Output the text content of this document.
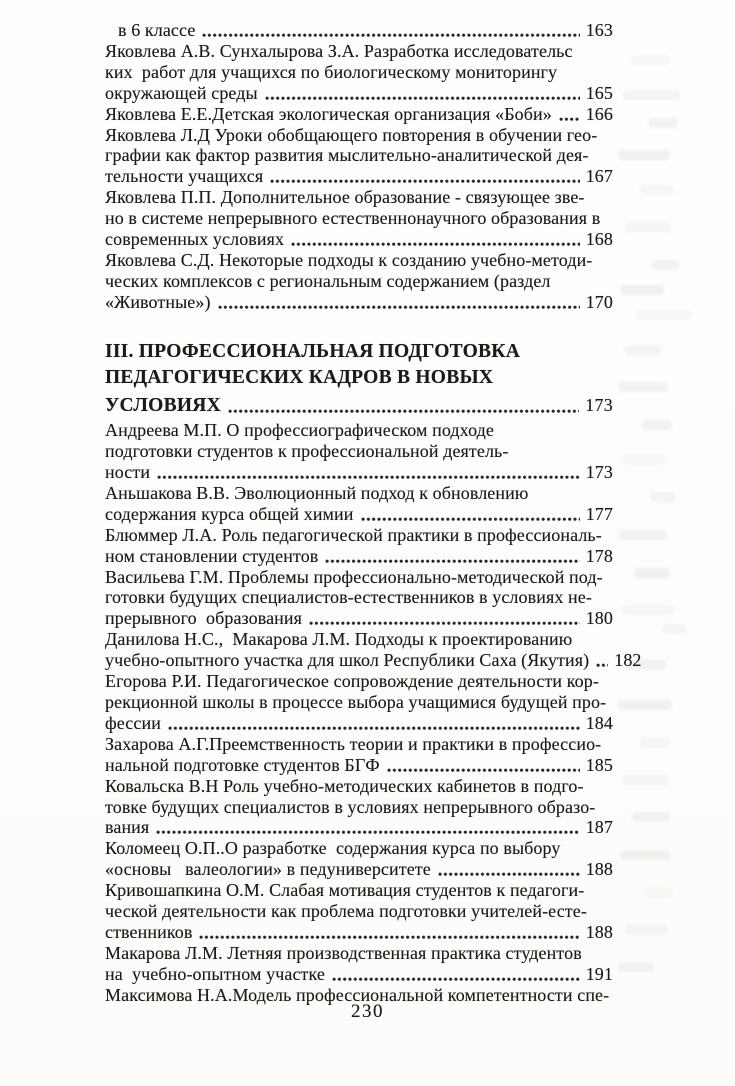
в 6 классе	163
Яковлева А.В. Сунхалырова З.А. Разработка исследовательс
ких  работ для учащихся по биологическому мониторингу
окружающей среды	165
Яковлева Е.Е.Детская экологическая организация «Боби» 166
Яковлева Л.Д Уроки обобщающего повторения в обучении гео-
графии как фактор развития мыслительно-аналитической дея-
тельности учащихся	167
Яковлева П.П. Дополнительное образование - связующее зве-
но в системе непрерывного естественнонаучного образования в
современных условиях	168
Яковлева С.Д. Некоторые подходы к созданию учебно-методи-
ческих комплексов с региональным содержанием (раздел
«Животные»)	170
III. ПРОФЕССИОНАЛЬНАЯ ПОДГОТОВКА
ПЕДАГОГИЧЕСКИХ КАДРОВ В НОВЫХ
УСЛОВИЯХ	173
Андреева М.П. О профессиографическом подходе
подготовки студентов к профессиональной деятель-
ности	173
Аньшакова В.В. Эволюционный подход к обновлению
содержания курса общей химии	177
Блюммер Л.А. Роль педагогической практики в профессиональ-
ном становлении студентов	178
Васильева Г.М. Проблемы профессионально-методической под-
готовки будущих специалистов-естественников в условиях не-
прерывного  образования	180
Данилова Н.С.,  Макарова Л.М. Подходы к проектированию
учебно-опытного участка для школ Республики Саха (Якутия) 182
Егорова Р.И. Педагогическое сопровождение деятельности кор-
рекционной школы в процессе выбора учащимися будущей про-
фессии	184
Захарова А.Г.Преемственность теории и практики в профессио-
нальной подготовке студентов БГФ	185
Ковальска В.Н Роль учебно-методических кабинетов в подго-
товке будущих специалистов в условиях непрерывного образо-
вания	187
Коломеец О.П..О разработке  содержания курса по выбору
«основы   валеологии» в педуниверситете	188
Кривошапкина О.М. Слабая мотивация студентов к педагоги-
ческой деятельности как проблема подготовки учителей-есте-
ственников	188
Макарова Л.М. Летняя производственная практика студентов
на  учебно-опытном участке	191
Максимова Н.А.Модель профессиональной компетентности спе-
230
